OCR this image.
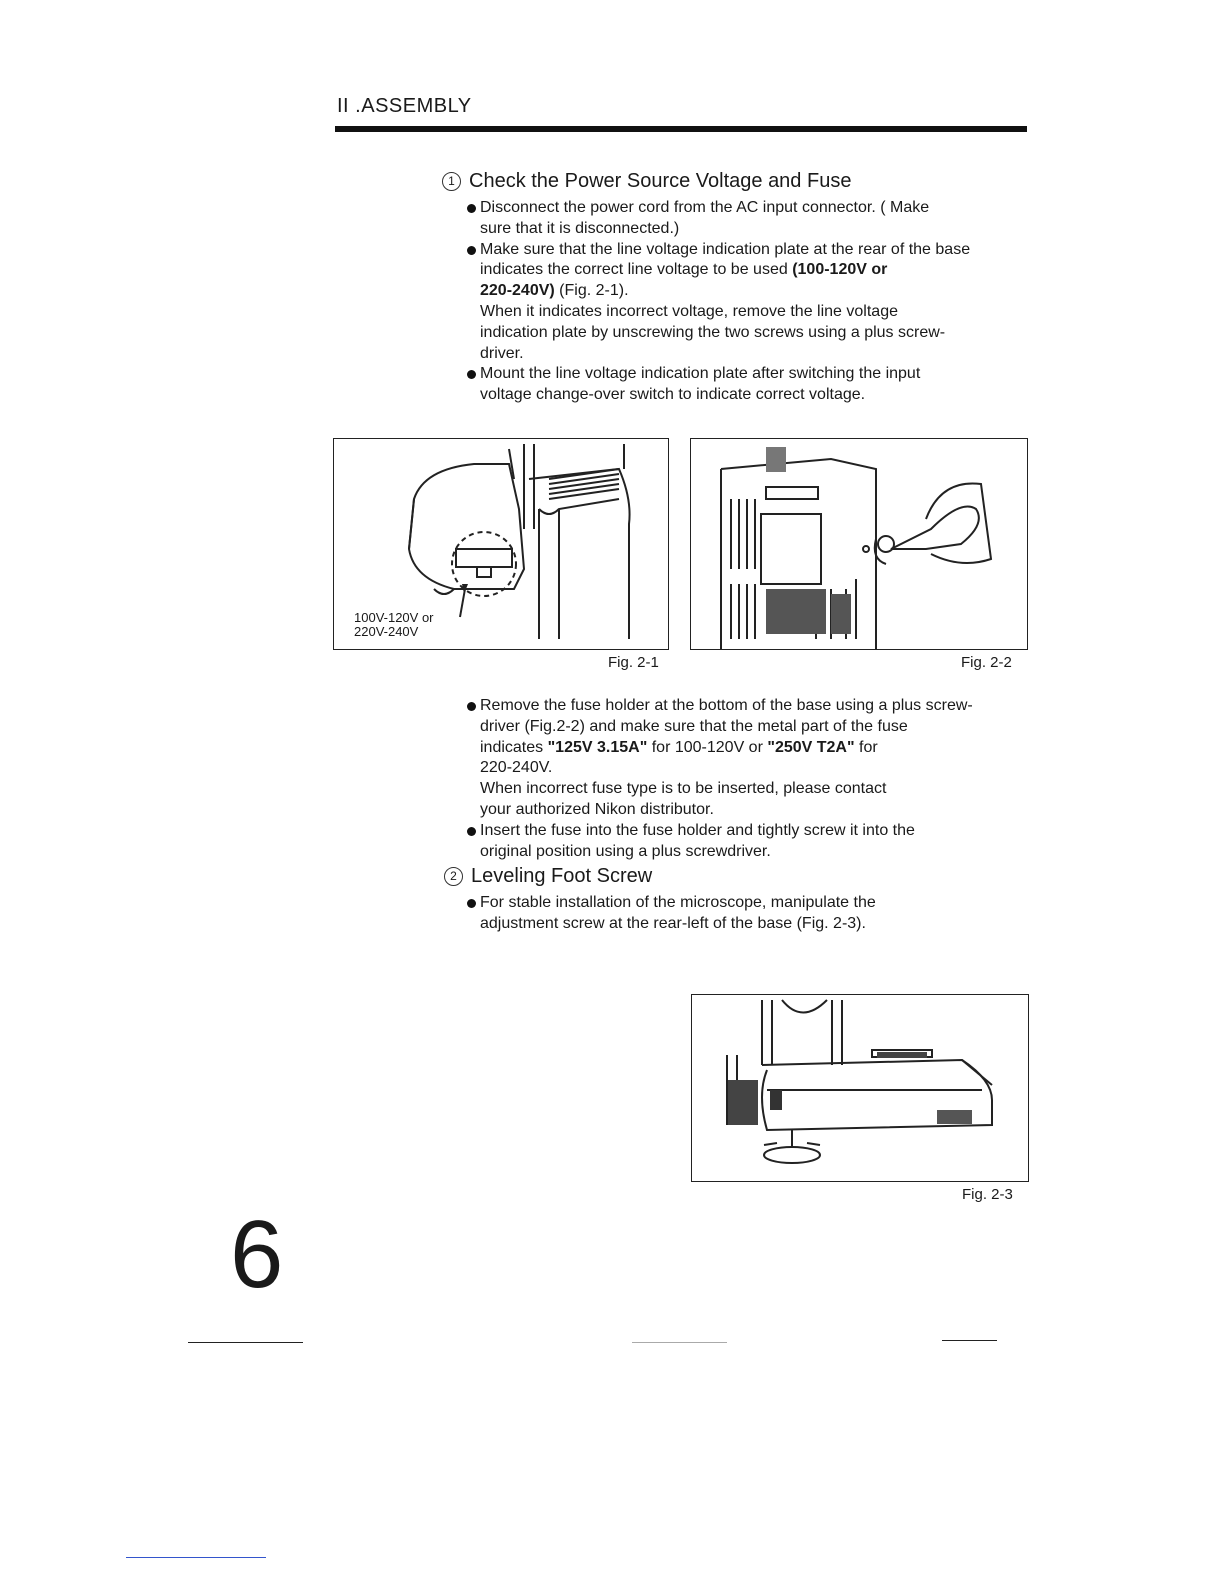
II .ASSEMBLY
1 Check the Power Source Voltage and Fuse
Disconnect the power cord from the AC input connector. ( Make
sure that it is disconnected.)
Make sure that the line voltage indication plate at the rear of the base
indicates the correct line voltage to be used (100-120V or
220-240V) (Fig. 2-1).
When it indicates incorrect voltage, remove the line voltage
indication plate by unscrewing the two screws using a plus screw-
driver.
Mount the line voltage indication plate after switching the input
voltage change-over switch to indicate correct voltage.
100V-120V or
220V-240V
Fig. 2-1	Fig. 2-2
Remove the fuse holder at the bottom of the base using a plus screw-
driver (Fig.2-2) and make sure that the metal part of the fuse
indicates "125V 3.15A" for 100-120V or "250V T2A" for
220-240V.
When incorrect fuse type is to be inserted, please contact
your authorized Nikon distributor.
Insert the fuse into the fuse holder and tightly screw it into the
original position using a plus screwdriver.
2 Leveling Foot Screw
For stable installation of the microscope, manipulate the
adjustment screw at the rear-left of the base (Fig. 2-3).
Fig. 2-3
6
